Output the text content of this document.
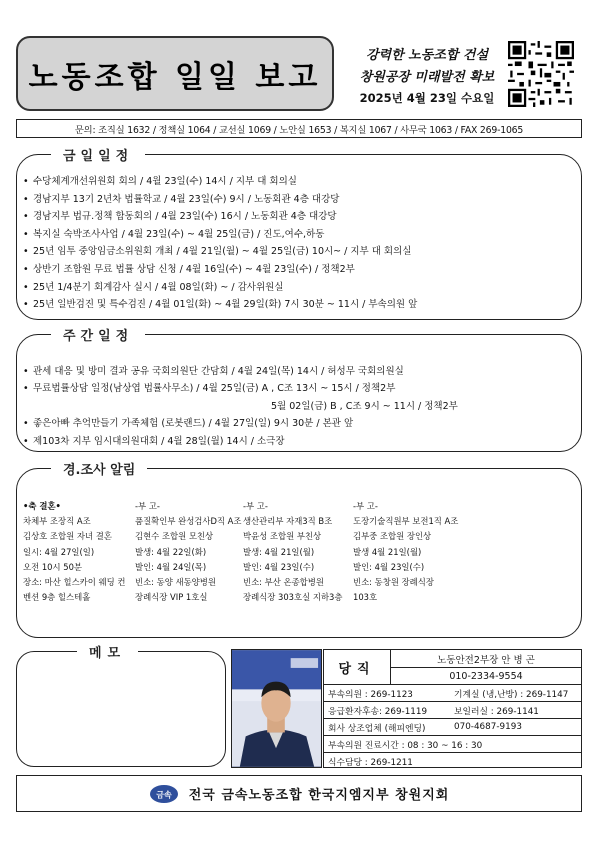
노동조합 일일 보고
강력한 노동조합 건설
창원공장 미래발전 확보
2025년 4월 23일 수요일
문의: 조직실 1632 / 정책실 1064 / 교선실 1069 / 노안실 1653 / 복지실 1067 / 사무국 1063 / FAX 269-1065
금일일정
• 수당체계개선위원회 회의 / 4월 23일(수) 14시 / 지부 대 회의실
• 경남지부 13기 2년차 법률학교 / 4월 23일(수) 9시 / 노동회관 4층 대강당
• 경남지부 법규.정책 합동회의 / 4월 23일(수) 16시 / 노동회관 4층 대강당
• 복지실 숙박조사사업 / 4월 23일(수) ~ 4월 25일(금) / 진도,여수,하동
• 25년 임투 중앙임금소위원회 개최 / 4월 21일(월) ~ 4월 25일(금) 10시~ / 지부 대 회의실
• 상반기 조합원 무료 법률 상담 신청 / 4월 16일(수) ~ 4월 23일(수) / 정책2부
• 25년 1/4분기 회계감사 실시 / 4월 08일(화) ~ / 감사위원실
• 25년 일반검진 및 특수검진 / 4월 01일(화) ~ 4월 29일(화) 7시 30분 ~ 11시 / 부속의원 앞
주간일정
• 관세 대응 및 방미 결과 공유 국회의원단 간담회 / 4월 24일(목) 14시 / 허성무 국회의원실
• 무료법률상담 일정(남상엽 법률사무소) / 4월 25일(금) A , C조 13시 ~ 15시 / 정책2부
5월 02일(금) B , C조 9시 ~ 11시 / 정책2부
• 좋은아빠 추억만들기 가족체험 (로봇랜드) / 4월 27일(일) 9시 30분 / 본관 앞
• 제103차 지부 임시대의원대회 / 4월 28일(월) 14시 / 소극장
경.조사 알림
•축 결혼•
차체부 조장직 A조
김상호 조합원 자녀 결혼
일시: 4월 27일(일)
오전 10시 50분
장소: 마산 힐스카이 웨딩 컨
벤션 9층 힐스테홀
-부 고-
품질확인부 완성검사D직 A조
김현수 조합원 모친상
발생: 4월 22일(화)
발인: 4월 24일(목)
빈소: 동양 새동양병원
장례식장 VIP 1호실
-부 고-
생산관리부 자재3직 B조
박윤성 조합원 부친상
발생: 4월 21일(월)
발인: 4월 23일(수)
빈소: 부산 온종합병원
장례식장 303호실 지하3층
-부 고-
도장기술직원부 보전1직 A조
김부중 조합원 장인상
발생 4월 21일(월)
발인: 4월 23일(수)
빈소: 동창원 장례식장
103호
메모
당직
노동안전2부장 안 병 곤
010-2334-9554
부속의원 : 269-1123	기계실 (냉,난방) : 269-1147
응급환자후송: 269-1119	보일러실 : 269-1141
회사 상조업체 (해피엔딩)	070-4687-9193
부속의원 진료시간 : 08 : 30 ~ 16 : 30
식수담당 : 269-1211
금속 전국 금속노동조합 한국지엠지부 창원지회
